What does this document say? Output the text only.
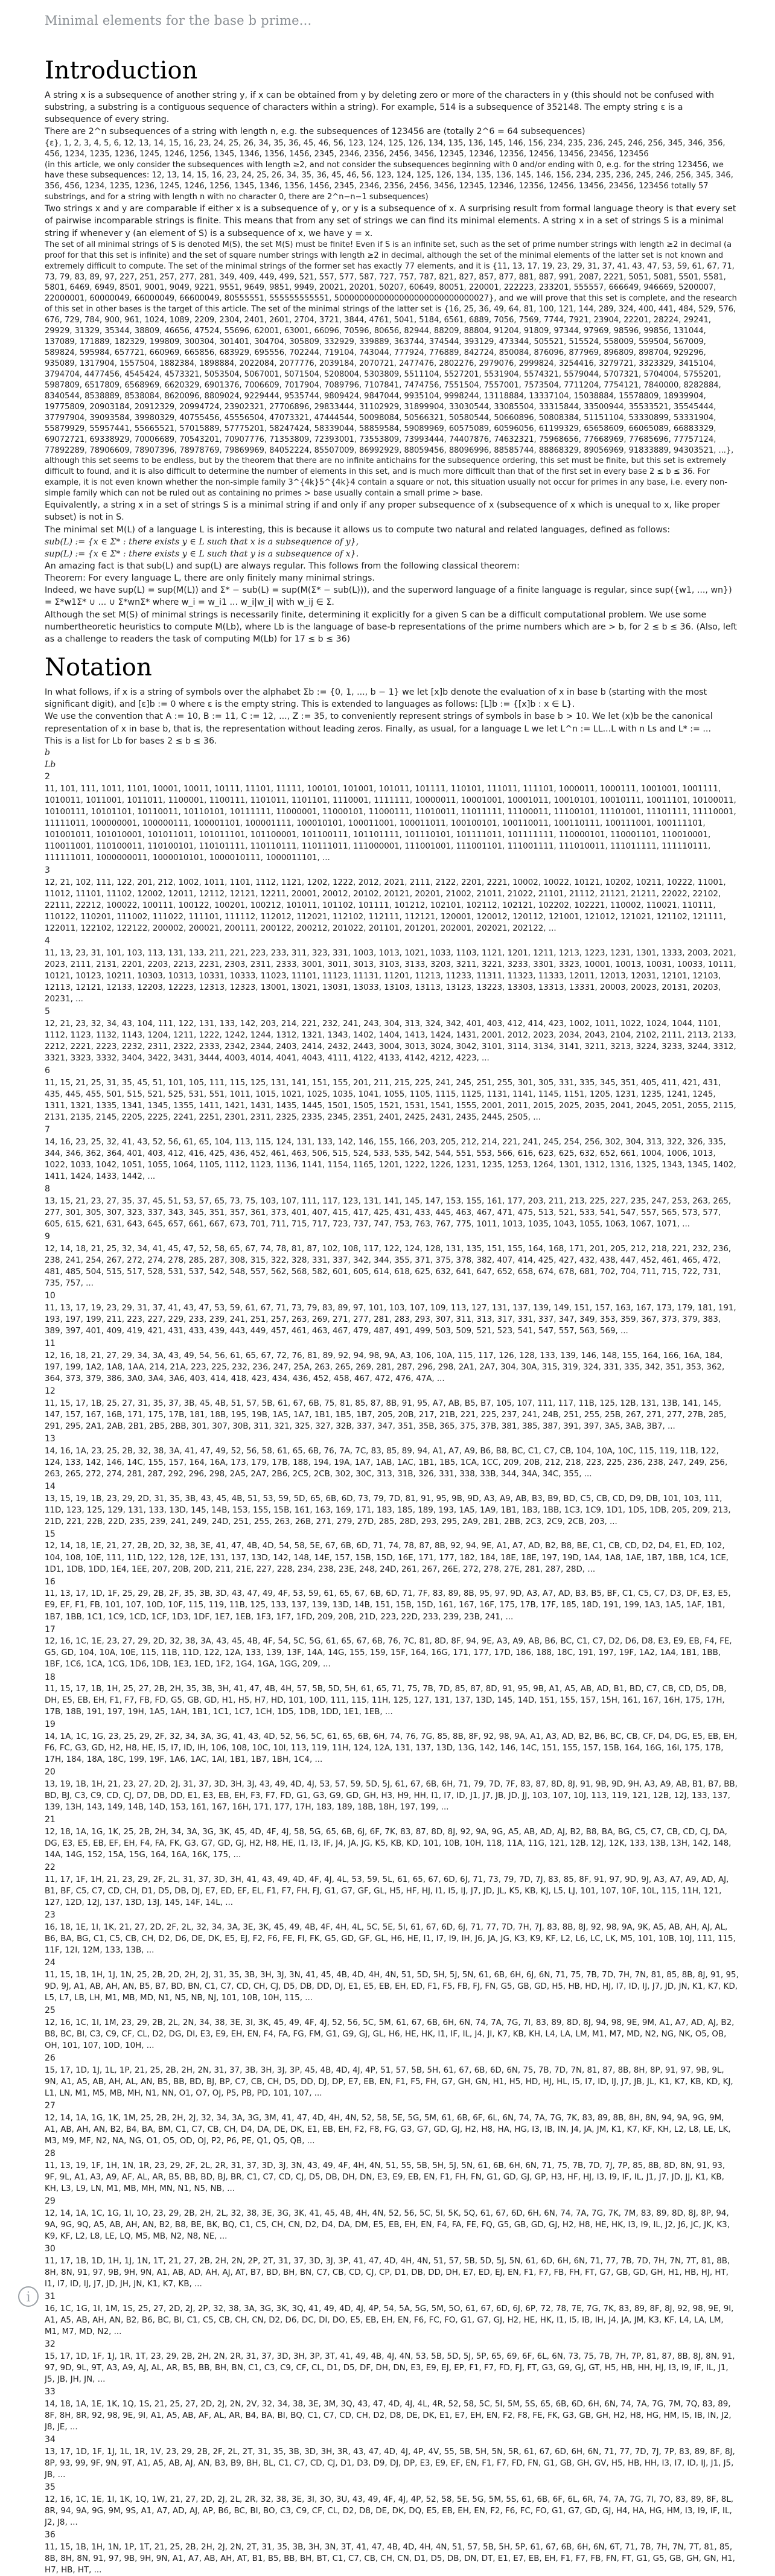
Minimal elements for the base b prime...
Introduction

A string x is a subsequence of another string y, if x can be obtained from y by deleting zero or more of the characters in y (this should not be confused with substring, a substring is a contiguous sequence of characters within a string). For example, 514 is a subsequence of 352148. The empty string ε is a subsequence of every string.

There are 2^n subsequences of a string with length n, e.g. the subsequences of 123456 are (totally 2^6 = 64 subsequences)

{ε}, 1, 2, 3, 4, 5, 6, 12, 13, 14, 15, 16, 23, 24, 25, 26, 34, 35, 36, 45, 46, 56, 123, 124, 125, 126, 134, 135, 136, 145, 146, 156, 234, 235, 236, 245, 246, 256, 345, 346, 356, 456, 1234, 1235, 1236, 1245, 1246, 1256, 1345, 1346, 1356, 1456, 2345, 2346, 2356, 2456, 3456, 12345, 12346, 12356, 12456, 13456, 23456, 123456

(in this article, we only consider the subsequences with length ≥2, and not consider the subsequences beginning with 0 and/or ending with 0, e.g. for the string 123456, we have these subsequences: 12, 13, 14, 15, 16, 23, 24, 25, 26, 34, 35, 36, 45, 46, 56, 123, 124, 125, 126, 134, 135, 136, 145, 146, 156, 234, 235, 236, 245, 246, 256, 345, 346, 356, 456, 1234, 1235, 1236, 1245, 1246, 1256, 1345, 1346, 1356, 1456, 2345, 2346, 2356, 2456, 3456, 12345, 12346, 12356, 12456, 13456, 23456, 123456 totally 57 substrings, and for a string with length n with no character 0, there are 2^n−n−1 subsequences)

Two strings x and y are comparable if either x is a subsequence of y, or y is a subsequence of x. A surprising result from formal language theory is that every set of pairwise incomparable strings is finite. This means that from any set of strings we can find its minimal elements. A string x in a set of strings S is a minimal string if whenever y (an element of S) is a subsequence of x, we have y = x.

The set of all minimal strings of S is denoted M(S), the set M(S) must be finite! Even if S is an infinite set, such as the set of prime number strings with length ≥2 in decimal (a proof for that this set is infinite) and the set of square number strings with length ≥2 in decimal, although the set of the minimal elements of the latter set is not known and extremely difficult to compute. The set of the minimal strings of the former set has exactly 77 elements, and it is {11, 13, 17, 19, 23, 29, 31, 37, 41, 43, 47, 53, 59, 61, 67, 71, 73, 79, 83, 89, 97, 227, 251, 257, 277, 281, 349, 409, 449, 499, 521, 557, 577, 587, 727, 757, 787, 821, 827, 857, 877, 881, 887, 991, 2087, 2221, 5051, 5081, 5501, 5581, 5801, 6469, 6949, 8501, 9001, 9049, 9221, 9551, 9649, 9851, 9949, 20021, 20201, 50207, 60649, 80051, 220001, 222223, 233201, 555557, 666649, 946669, 5200007, 22000001, 60000049, 66000049, 66600049, 80555551, 555555555551, 5000000000000000000000000000027}, and we will prove that this set is complete, and the research of this set in other bases is the target of this article. The set of the minimal strings of the latter set is {16, 25, 36, 49, 64, 81, 100, 121, 144, 289, 324, 400, 441, 484, 529, 576, 676, 729, 784, 900, 961, 1024, 1089, 2209, 2304, 2401, 2601, 2704, 3721, 3844, 4761, 5041, 5184, 6561, 6889, 7056, 7569, 7744, 7921, 23904, 22201, 28224, 29241, 29929, 31329, 35344, 38809, 46656, 47524, 55696, 62001, 63001, 66096, 70596, 80656, 82944, 88209, 88804, 91204, 91809, 97344, 97969, 98596, 99856, 131044, 137089, 171889, 182329, 199809, 300304, 301401, 304704, 305809, 332929, 339889, 363744, 374544, 393129, 473344, 505521, 515524, 558009, 559504, 567009, 589824, 595984, 657721, 660969, 665856, 683929, 695556, 702244, 719104, 743044, 777924, 776889, 842724, 850084, 876096, 877969, 896809, 898704, 929296, 935089, 1317904, 1557504, 1882384, 1898884, 2022084, 2077776, 2039184, 2070721, 2477476, 2802276, 2979076, 2999824, 3254416, 3279721, 3323329, 3415104, 3794704, 4477456, 4545424, 4573321, 5053504, 5067001, 5071504, 5208004, 5303809, 5511104, 5527201, 5531904, 5574321, 5579044, 5707321, 5704004, 5755201, 5987809, 6517809, 6568969, 6620329, 6901376, 7006609, 7017904, 7089796, 7107841, 7474756, 7551504, 7557001, 7573504, 7711204, 7754121, 7840000, 8282884, 8340544, 8538889, 8538084, 8620096, 8809024, 9229444, 9535744, 9809424, 9847044, 9935104, 9998244, 13118884, 13337104, 15038884, 15578809, 18939904, 19775809, 20903184, 20912329, 20994724, 23902321, 27706896, 29833444, 31102929, 31899904, 33030544, 33085504, 33315844, 33500944, 35533521, 35545444, 37797904, 39093584, 39980329, 40755456, 45556504, 47073321, 47444544, 50098084, 50566321, 50580544, 50660896, 50808384, 51151104, 53330899, 53331904, 55879929, 55957441, 55665521, 57015889, 57775201, 58247424, 58339044, 58859584, 59089969, 60575089, 60596056, 61199329, 65658609, 66065089, 66883329, 69072721, 69338929, 70006689, 70543201, 70907776, 71353809, 72393001, 73553809, 73993444, 74407876, 74632321, 75968656, 77668969, 77685696, 77757124, 77892289, 78906609, 78907396, 78978769, 79869969, 84052224, 85507009, 86992929, 88059456, 88096996, 88585744, 88868329, 89056969, 91833889, 94303521, ...}, although this set seems to be endless, but by the theorem that there are no infinite antichains for the subsequence ordering, this set must be finite, but this set is extremely difficult to found, and it is also difficult to determine the number of elements in this set, and is much more difficult than that of the first set in every base 2 ≤ b ≤ 36. For example, it is not even known whether the non-simple family 3^{4k}5^{4k}4 contain a square or not, this situation usually not occur for primes in any base, i.e. every non-simple family which can not be ruled out as containing no primes > base usually contain a small prime > base.

Equivalently, a string x in a set of strings S is a minimal string if and only if any proper subsequence of x (subsequence of x which is unequal to x, like proper subset) is not in S.

The minimal set M(L) of a language L is interesting, this is because it allows us to compute two natural and related languages, defined as follows:

sub(L) := {x ∈ Σ* : there exists y ∈ L such that x is a subsequence of y},

sup(L) := {x ∈ Σ* : there exists y ∈ L such that y is a subsequence of x}.

An amazing fact is that sub(L) and sup(L) are always regular. This follows from the following classical theorem:

Theorem: For every language L, there are only finitely many minimal strings.

Indeed, we have sup(L) = sup(M(L)) and Σ* − sub(L) = sup(M(Σ* − sub(L))), and the superword language of a finite language is regular, since sup({w1, ..., wn}) = Σ*w1Σ* ∪ ... ∪ Σ*wnΣ* where w_i = w_i1 ... w_i|w_i| with w_ij ∈ Σ.

Although the set M(S) of minimal strings is necessarily finite, determining it explicitly for a given S can be a difficult computational problem. We use some numbertheoretic heuristics to compute M(Lb), where Lb is the language of base-b representations of the prime numbers which are > b, for 2 ≤ b ≤ 36. (Also, left as a challenge to readers the task of computing M(Lb) for 17 ≤ b ≤ 36)

Notation

In what follows, if x is a string of symbols over the alphabet Σb := {0, 1, ..., b − 1} we let [x]b denote the evaluation of x in base b (starting with the most significant digit), and [ε]b := 0 where ε is the empty string. This is extended to languages as follows: [L]b := {[x]b : x ∈ L}.

We use the convention that A := 10, B := 11, C := 12, ..., Z := 35, to conveniently represent strings of symbols in base b > 10. We let (x)b be the canonical representation of x in base b, that is, the representation without leading zeros. Finally, as usual, for a language L we let L^n := LL...L with n Ls and L* := ...

This is a list for Lb for bases 2 ≤ b ≤ 36.

b

Lb

2
11, 101, 111, 1011, 1101, 10001, 10011, 10111, 11101, 11111, 100101, 101001, 101011, 101111, 110101, 111011, 111101, 1000011, 1000111, 1001001, 1001111, 1010011, 1011001, 1011011, 1100001, 1100111, 1101011, 1101101, 1110001, 1111111, 10000011, 10001001, 10001011, 10010101, 10010111, 10011101, 10100011, 10100111, 10101101, 10110011, 10110101, 10111111, 11000001, 11000101, 11000111, 11010011, 11011111, 11100011, 11100101, 11101001, 11101111, 11110001, 11111011, 100000001, 100000111, 100001101, 100001111, 100010101, 100011001, 100011011, 100100101, 100110011, 100110111, 100111001, 100111101, 101001011, 101010001, 101011011, 101011101, 101100001, 101100111, 101101111, 101110101, 101111011, 101111111, 110000101, 110001101, 110010001, 110011001, 110100011, 110100101, 110101111, 110110111, 110111011, 111000001, 111001001, 111001101, 111001111, 111010011, 111011111, 111110111, 111111011, 1000000011, 1000010101, 1000010111, 1000011101, ...
3
12, 21, 102, 111, 122, 201, 212, 1002, 1011, 1101, 1112, 1121, 1202, 1222, 2012, 2021, 2111, 2122, 2201, 2221, 10002, 10022, 10121, 10202, 10211, 10222, 11001, 11012, 11101, 11102, 12002, 12011, 12112, 12121, 12211, 20001, 20012, 20102, 20121, 20201, 21002, 21011, 21022, 21101, 21112, 21121, 21211, 22022, 22102, 22111, 22212, 100022, 100111, 100122, 100201, 100212, 101011, 101102, 101111, 101212, 102101, 102112, 102121, 102202, 102221, 110002, 110021, 110111, 110122, 110201, 111002, 111022, 111101, 111112, 112012, 112021, 112102, 112111, 112121, 120001, 120012, 120112, 121001, 121012, 121021, 121102, 121111, 122011, 122102, 122122, 200002, 200021, 200111, 200122, 200212, 201022, 201101, 201201, 202001, 202021, 202122, ...
4
11, 13, 23, 31, 101, 103, 113, 131, 133, 211, 221, 223, 233, 311, 323, 331, 1003, 1013, 1021, 1033, 1103, 1121, 1201, 1211, 1213, 1223, 1231, 1301, 1333, 2003, 2021, 2023, 2111, 2131, 2201, 2203, 2213, 2231, 2303, 2311, 2333, 3001, 3011, 3013, 3103, 3133, 3203, 3211, 3221, 3233, 3301, 3323, 10001, 10013, 10031, 10033, 10111, 10121, 10123, 10211, 10303, 10313, 10331, 10333, 11023, 11101, 11123, 11131, 11201, 11213, 11233, 11311, 11323, 11333, 12011, 12013, 12031, 12101, 12103, 12113, 12121, 12133, 12203, 12223, 12313, 12323, 13001, 13021, 13031, 13033, 13103, 13113, 13123, 13223, 13303, 13313, 13331, 20003, 20023, 20131, 20203, 20231, ...
5
12, 21, 23, 32, 34, 43, 104, 111, 122, 131, 133, 142, 203, 214, 221, 232, 241, 243, 304, 313, 324, 342, 401, 403, 412, 414, 423, 1002, 1011, 1022, 1024, 1044, 1101, 1112, 1123, 1132, 1143, 1204, 1211, 1222, 1242, 1244, 1312, 1321, 1343, 1402, 1404, 1413, 1424, 1431, 2001, 2012, 2023, 2034, 2043, 2104, 2102, 2111, 2113, 2133, 2212, 2221, 2223, 2232, 2311, 2322, 2333, 2342, 2344, 2403, 2414, 2432, 2443, 3004, 3013, 3024, 3042, 3101, 3114, 3134, 3141, 3211, 3213, 3224, 3233, 3244, 3312, 3321, 3323, 3332, 3404, 3422, 3431, 3444, 4003, 4014, 4041, 4043, 4111, 4122, 4133, 4142, 4212, 4223, ...
6
11, 15, 21, 25, 31, 35, 45, 51, 101, 105, 111, 115, 125, 131, 141, 151, 155, 201, 211, 215, 225, 241, 245, 251, 255, 301, 305, 331, 335, 345, 351, 405, 411, 421, 431, 435, 445, 455, 501, 515, 521, 525, 531, 551, 1011, 1015, 1021, 1025, 1035, 1041, 1055, 1105, 1115, 1125, 1131, 1141, 1145, 1151, 1205, 1231, 1235, 1241, 1245, 1311, 1321, 1335, 1341, 1345, 1355, 1411, 1421, 1431, 1435, 1445, 1501, 1505, 1521, 1531, 1541, 1555, 2001, 2011, 2015, 2025, 2035, 2041, 2045, 2051, 2055, 2115, 2131, 2135, 2145, 2205, 2225, 2241, 2251, 2301, 2311, 2325, 2335, 2345, 2351, 2401, 2425, 2431, 2435, 2445, 2505, ...
7
14, 16, 23, 25, 32, 41, 43, 52, 56, 61, 65, 104, 113, 115, 124, 131, 133, 142, 146, 155, 166, 203, 205, 212, 214, 221, 241, 245, 254, 256, 302, 304, 313, 322, 326, 335, 344, 346, 362, 364, 401, 403, 412, 416, 425, 436, 452, 461, 463, 506, 515, 524, 533, 535, 542, 544, 551, 553, 566, 616, 623, 625, 632, 652, 661, 1004, 1006, 1013, 1022, 1033, 1042, 1051, 1055, 1064, 1105, 1112, 1123, 1136, 1141, 1154, 1165, 1201, 1222, 1226, 1231, 1235, 1253, 1264, 1301, 1312, 1316, 1325, 1343, 1345, 1402, 1411, 1424, 1433, 1442, ...
8
13, 15, 21, 23, 27, 35, 37, 45, 51, 53, 57, 65, 73, 75, 103, 107, 111, 117, 123, 131, 141, 145, 147, 153, 155, 161, 177, 203, 211, 213, 225, 227, 235, 247, 253, 263, 265, 277, 301, 305, 307, 323, 337, 343, 345, 351, 357, 361, 373, 401, 407, 415, 417, 425, 431, 433, 445, 463, 467, 471, 475, 513, 521, 533, 541, 547, 557, 565, 573, 577, 605, 615, 621, 631, 643, 645, 657, 661, 667, 673, 701, 711, 715, 717, 723, 737, 747, 753, 763, 767, 775, 1011, 1013, 1035, 1043, 1055, 1063, 1067, 1071, ...
9
12, 14, 18, 21, 25, 32, 34, 41, 45, 47, 52, 58, 65, 67, 74, 78, 81, 87, 102, 108, 117, 122, 124, 128, 131, 135, 151, 155, 164, 168, 171, 201, 205, 212, 218, 221, 232, 236, 238, 241, 254, 267, 272, 274, 278, 285, 287, 308, 315, 322, 328, 331, 337, 342, 344, 355, 371, 375, 378, 382, 407, 414, 425, 427, 432, 438, 447, 452, 461, 465, 472, 481, 485, 504, 515, 517, 528, 531, 537, 542, 548, 557, 562, 568, 582, 601, 605, 614, 618, 625, 632, 641, 647, 652, 658, 674, 678, 681, 702, 704, 711, 715, 722, 731, 735, 757, ...
10
11, 13, 17, 19, 23, 29, 31, 37, 41, 43, 47, 53, 59, 61, 67, 71, 73, 79, 83, 89, 97, 101, 103, 107, 109, 113, 127, 131, 137, 139, 149, 151, 157, 163, 167, 173, 179, 181, 191, 193, 197, 199, 211, 223, 227, 229, 233, 239, 241, 251, 257, 263, 269, 271, 277, 281, 283, 293, 307, 311, 313, 317, 331, 337, 347, 349, 353, 359, 367, 373, 379, 383, 389, 397, 401, 409, 419, 421, 431, 433, 439, 443, 449, 457, 461, 463, 467, 479, 487, 491, 499, 503, 509, 521, 523, 541, 547, 557, 563, 569, ...
11
12, 16, 18, 21, 27, 29, 34, 3A, 43, 49, 54, 56, 61, 65, 67, 72, 76, 81, 89, 92, 94, 98, 9A, A3, 106, 10A, 115, 117, 126, 128, 133, 139, 146, 148, 155, 164, 166, 16A, 184, 197, 199, 1A2, 1A8, 1AA, 214, 21A, 223, 225, 232, 236, 247, 25A, 263, 265, 269, 281, 287, 296, 298, 2A1, 2A7, 304, 30A, 315, 319, 324, 331, 335, 342, 351, 353, 362, 364, 373, 379, 386, 3A0, 3A4, 3A6, 403, 414, 418, 423, 434, 436, 452, 458, 467, 472, 476, 47A, ...
12
11, 15, 17, 1B, 25, 27, 31, 35, 37, 3B, 45, 4B, 51, 57, 5B, 61, 67, 6B, 75, 81, 85, 87, 8B, 91, 95, A7, AB, B5, B7, 105, 107, 111, 117, 11B, 125, 12B, 131, 13B, 141, 145, 147, 157, 167, 16B, 171, 175, 17B, 181, 18B, 195, 19B, 1A5, 1A7, 1B1, 1B5, 1B7, 205, 20B, 217, 21B, 221, 225, 237, 241, 24B, 251, 255, 25B, 267, 271, 277, 27B, 285, 291, 295, 2A1, 2AB, 2B1, 2B5, 2BB, 301, 307, 30B, 311, 321, 325, 327, 32B, 337, 347, 351, 35B, 365, 375, 37B, 381, 385, 387, 391, 397, 3A5, 3AB, 3B7, ...
13
14, 16, 1A, 23, 25, 2B, 32, 38, 3A, 41, 47, 49, 52, 56, 58, 61, 65, 6B, 76, 7A, 7C, 83, 85, 89, 94, A1, A7, A9, B6, B8, BC, C1, C7, CB, 104, 10A, 10C, 115, 119, 11B, 122, 124, 133, 142, 146, 14C, 155, 157, 164, 16A, 173, 179, 17B, 188, 194, 19A, 1A7, 1AB, 1AC, 1B1, 1B5, 1CA, 1CC, 209, 20B, 212, 218, 223, 225, 236, 238, 247, 249, 256, 263, 265, 272, 274, 281, 287, 292, 296, 298, 2A5, 2A7, 2B6, 2C5, 2CB, 302, 30C, 313, 31B, 326, 331, 338, 33B, 344, 34A, 34C, 355, ...
14
13, 15, 19, 1B, 23, 29, 2D, 31, 35, 3B, 43, 45, 4B, 51, 53, 59, 5D, 65, 6B, 6D, 73, 79, 7D, 81, 91, 95, 9B, 9D, A3, A9, AB, B3, B9, BD, C5, CB, CD, D9, DB, 101, 103, 111, 11D, 123, 125, 129, 131, 133, 13D, 145, 14B, 153, 155, 15B, 161, 163, 169, 171, 183, 185, 189, 193, 1A5, 1A9, 1B1, 1B3, 1BB, 1C3, 1C9, 1D1, 1D5, 1DB, 205, 209, 213, 21D, 221, 22B, 22D, 235, 239, 241, 249, 24D, 251, 255, 263, 26B, 271, 279, 27D, 285, 28D, 293, 295, 2A9, 2B1, 2BB, 2C3, 2C9, 2CB, 203, ...
15
12, 14, 18, 1E, 21, 27, 2B, 2D, 32, 38, 3E, 41, 47, 4B, 4D, 54, 58, 5E, 67, 6B, 6D, 71, 74, 78, 87, 8B, 92, 94, 9E, A1, A7, AD, B2, B8, BE, C1, CB, CD, D2, D4, E1, ED, 102, 104, 108, 10E, 111, 11D, 122, 128, 12E, 131, 137, 13D, 142, 148, 14E, 157, 15B, 15D, 16E, 171, 177, 182, 184, 18E, 18E, 197, 19D, 1A4, 1A8, 1AE, 1B7, 1BB, 1C4, 1CE, 1D1, 1DB, 1DD, 1E4, 1EE, 207, 20B, 20D, 211, 21E, 227, 228, 234, 238, 23E, 248, 24D, 261, 267, 26E, 272, 278, 27E, 281, 287, 28D, ...
16
11, 13, 17, 1D, 1F, 25, 29, 2B, 2F, 35, 3B, 3D, 43, 47, 49, 4F, 53, 59, 61, 65, 67, 6B, 6D, 71, 7F, 83, 89, 8B, 95, 97, 9D, A3, A7, AD, B3, B5, BF, C1, C5, C7, D3, DF, E3, E5, E9, EF, F1, FB, 101, 107, 10D, 10F, 115, 119, 11B, 125, 133, 137, 139, 13D, 14B, 151, 15B, 15D, 161, 167, 16F, 175, 17B, 17F, 185, 18D, 191, 199, 1A3, 1A5, 1AF, 1B1, 1B7, 1BB, 1C1, 1C9, 1CD, 1CF, 1D3, 1DF, 1E7, 1EB, 1F3, 1F7, 1FD, 209, 20B, 21D, 223, 22D, 233, 239, 23B, 241, ...
17
12, 16, 1C, 1E, 23, 27, 29, 2D, 32, 38, 3A, 43, 45, 4B, 4F, 54, 5C, 5G, 61, 65, 67, 6B, 76, 7C, 81, 8D, 8F, 94, 9E, A3, A9, AB, B6, BC, C1, C7, D2, D6, D8, E3, E9, EB, F4, FE, G5, GD, 104, 10A, 10E, 115, 11B, 11D, 122, 12A, 133, 139, 13F, 14A, 14G, 155, 159, 15F, 164, 16G, 171, 177, 17D, 186, 188, 18C, 191, 197, 19F, 1A2, 1A4, 1B1, 1BB, 1BF, 1C6, 1CA, 1CG, 1D6, 1DB, 1E3, 1ED, 1F2, 1G4, 1GA, 1GG, 209, ...
18
11, 15, 17, 1B, 1H, 25, 27, 2B, 2H, 35, 3B, 3H, 41, 47, 4B, 4H, 57, 5B, 5D, 5H, 61, 65, 71, 75, 7B, 7D, 85, 87, 8D, 91, 95, 9B, A1, A5, AB, AD, B1, BD, C7, CB, CD, D5, DB, DH, E5, EB, EH, F1, F7, FB, FD, G5, GB, GD, H1, H5, H7, HD, 101, 10D, 111, 115, 11H, 125, 127, 131, 137, 13D, 145, 14D, 151, 155, 157, 15H, 161, 167, 16H, 175, 17H, 17B, 18B, 191, 197, 19H, 1A5, 1AH, 1B1, 1C1, 1C7, 1CH, 1D5, 1DB, 1DD, 1E1, 1EB, ...
19
14, 1A, 1C, 1G, 23, 25, 29, 2F, 32, 34, 3A, 3G, 41, 43, 4D, 52, 56, 5C, 61, 65, 6B, 6H, 74, 76, 7G, 85, 8B, 8F, 92, 98, 9A, A1, A3, AD, B2, B6, BC, CB, CF, D4, DG, E5, EB, EH, F6, FC, G3, GD, H2, H8, HE, I5, I7, ID, IH, 106, 108, 10C, 10I, 113, 119, 11H, 124, 12A, 131, 137, 13D, 13G, 142, 146, 14C, 151, 155, 157, 15B, 164, 16G, 16I, 175, 17B, 17H, 184, 18A, 18C, 199, 19F, 1A6, 1AC, 1AI, 1B1, 1B7, 1BH, 1C4, ...
20
13, 19, 1B, 1H, 21, 23, 27, 2D, 2J, 31, 37, 3D, 3H, 3J, 43, 49, 4D, 4J, 53, 57, 59, 5D, 5J, 61, 67, 6B, 6H, 71, 79, 7D, 7F, 83, 87, 8D, 8J, 91, 9B, 9D, 9H, A3, A9, AB, B1, B7, BB, BD, BJ, C3, C9, CD, CJ, D7, DB, DD, E1, E3, EB, EH, F3, F7, FD, G1, G3, G9, GD, GH, H3, H9, HH, I1, I7, ID, J1, J7, JB, JD, JJ, 103, 107, 10J, 113, 119, 121, 12B, 12J, 133, 137, 139, 13H, 143, 149, 14B, 14D, 153, 161, 167, 16H, 171, 177, 17H, 183, 189, 18B, 18H, 197, 199, ...
21
12, 18, 1A, 1G, 1K, 25, 2B, 2H, 34, 3A, 3G, 3K, 45, 4D, 4F, 4J, 58, 5G, 65, 6B, 6J, 6F, 7K, 83, 87, 8D, 8J, 92, 9A, 9G, A5, AB, AD, AJ, B2, B8, BA, BG, C5, C7, CB, CD, CJ, DA, DG, E3, E5, EB, EF, EH, F4, FA, FK, G3, G7, GD, GJ, H2, H8, HE, I1, I3, IF, J4, JA, JG, K5, KB, KD, 101, 10B, 10H, 118, 11A, 11G, 121, 12B, 12J, 12K, 133, 13B, 13H, 142, 148, 14A, 14G, 152, 15A, 15G, 164, 16A, 16K, 175, ...
22
11, 17, 1F, 1H, 21, 23, 29, 2F, 2L, 31, 37, 3D, 3H, 41, 43, 49, 4D, 4F, 4J, 4L, 53, 59, 5L, 61, 65, 67, 6D, 6J, 71, 73, 79, 7D, 7J, 83, 85, 8F, 91, 97, 9D, 9J, A3, A7, A9, AD, AJ, B1, BF, C5, C7, CD, CH, D1, D5, DB, DJ, E7, ED, EF, EL, F1, F7, FH, FJ, G1, G7, GF, GL, H5, HF, HJ, I1, I5, IJ, J7, JD, JL, K5, KB, KJ, L5, LJ, 101, 107, 10F, 10L, 115, 11H, 121, 127, 12D, 12J, 137, 13D, 13J, 145, 14F, 14L, ...
23
16, 18, 1E, 1I, 1K, 21, 27, 2D, 2F, 2L, 32, 34, 3A, 3E, 3K, 45, 49, 4B, 4F, 4H, 4L, 5C, 5E, 5I, 61, 67, 6D, 6J, 71, 77, 7D, 7H, 7J, 83, 8B, 8J, 92, 98, 9A, 9K, A5, AB, AH, AJ, AL, B6, BA, BG, C1, C5, CB, CH, D2, D6, DE, DK, E5, EJ, F2, F6, FE, FI, FK, G5, GD, GF, GL, H6, HE, I1, I7, I9, IH, J6, JA, JG, K3, K9, KF, L2, L6, LC, LK, M5, 101, 10B, 10J, 111, 115, 11F, 12I, 12M, 133, 13B, ...
24
11, 15, 1B, 1H, 1J, 1N, 25, 2B, 2D, 2H, 2J, 31, 35, 3B, 3H, 3J, 3N, 41, 45, 4B, 4D, 4H, 4N, 51, 5D, 5H, 5J, 5N, 61, 6B, 6H, 6J, 6N, 71, 75, 7B, 7D, 7H, 7N, 81, 85, 8B, 8J, 91, 95, 9D, 9J, A1, AB, AH, AN, B5, B7, BD, BN, C1, C7, CD, CH, CJ, D5, DB, DD, DJ, E1, E5, EB, EH, ED, F1, F5, FB, FJ, FN, G5, GB, GD, H5, HB, HD, HJ, I7, ID, IJ, J7, JD, JN, K1, K7, KD, L5, L7, LB, LH, M1, MB, MD, N1, N5, NB, NJ, 101, 10B, 10H, 115, ...
25
12, 16, 1C, 1I, 1M, 23, 29, 2B, 2L, 2N, 34, 38, 3E, 3I, 3K, 45, 49, 4F, 4J, 52, 56, 5C, 5M, 61, 67, 6B, 6H, 6N, 74, 7A, 7G, 7I, 83, 89, 8D, 8J, 94, 98, 9E, 9M, A1, A7, AD, AJ, B2, B8, BC, BI, C3, C9, CF, CL, D2, DG, DI, E3, E9, EH, EN, F4, FA, FG, FM, G1, G9, GJ, GL, H6, HE, HK, I1, IF, IL, J4, JI, K7, KB, KH, L4, LA, LM, M1, M7, MD, N2, NG, NK, O5, OB, OH, 101, 107, 10D, 10H, ...
26
15, 17, 1D, 1J, 1L, 1P, 21, 25, 2B, 2H, 2N, 31, 37, 3B, 3H, 3J, 3P, 45, 4B, 4D, 4J, 4P, 51, 57, 5B, 5H, 61, 67, 6B, 6D, 6N, 75, 7B, 7D, 7N, 81, 87, 8B, 8H, 8P, 91, 97, 9B, 9L, 9N, A1, A5, AB, AH, AL, AN, B5, BB, BD, BJ, BP, C7, CB, CH, D5, DD, DJ, DP, E7, EB, EN, F1, F5, FH, G7, GH, GN, H1, H5, HD, HJ, HL, I5, I7, ID, IJ, J7, JB, JL, K1, K7, KB, KD, KJ, L1, LN, M1, M5, MB, MH, N1, NN, O1, O7, OJ, P5, PB, PD, 101, 107, ...
27
12, 14, 1A, 1G, 1K, 1M, 25, 2B, 2H, 2J, 32, 34, 3A, 3G, 3M, 41, 47, 4D, 4H, 4N, 52, 58, 5E, 5G, 5M, 61, 6B, 6F, 6L, 6N, 74, 7A, 7G, 7K, 83, 89, 8B, 8H, 8N, 94, 9A, 9G, 9M, A1, AB, AH, AN, B2, B4, BA, BM, C1, C7, CB, CH, D4, DA, DE, DK, E1, EB, EH, F2, F8, FG, G3, G7, GD, GJ, H2, H8, HA, HG, I3, IB, IN, J4, JA, JM, K1, K7, KF, KH, L2, L8, LE, LK, M3, M9, MF, N2, NA, NG, O1, O5, OD, OJ, P2, P6, PE, Q1, Q5, QB, ...
28
11, 13, 19, 1F, 1H, 1N, 1R, 23, 29, 2F, 2L, 2R, 31, 37, 3D, 3J, 3N, 43, 49, 4F, 4H, 4N, 51, 55, 5B, 5H, 5J, 5N, 61, 6B, 6H, 6N, 71, 75, 7B, 7D, 7J, 7P, 85, 8B, 8D, 8N, 91, 93, 9F, 9L, A1, A3, A9, AF, AL, AR, B5, BB, BD, BJ, BR, C1, C7, CD, CJ, D5, DB, DH, DN, E3, E9, EB, EN, F1, FH, FN, G1, GD, GJ, GP, H3, HF, HJ, I3, I9, IF, IL, J1, J7, JD, JJ, K1, KB, KH, L3, L9, LN, M1, MB, MH, MN, N1, N5, NB, ...
29
12, 14, 1A, 1C, 1G, 1I, 1O, 23, 29, 2B, 2H, 2L, 32, 38, 3E, 3G, 3K, 41, 45, 4B, 4H, 4N, 52, 56, 5C, 5I, 5K, 5Q, 61, 67, 6D, 6H, 6N, 74, 7A, 7G, 7K, 7M, 83, 89, 8D, 8J, 8P, 94, 9A, 9G, 9Q, A5, AB, AH, AN, B2, B8, BE, BK, BQ, C1, C5, CH, CN, D2, D4, DA, DM, E5, EB, EH, EN, F4, FA, FE, FQ, G5, GB, GD, GJ, H2, H8, HE, HK, I3, I9, IL, J2, J6, JC, JK, K3, K9, KF, L2, L8, LE, LQ, M5, MB, N2, N8, NE, ...
30
11, 17, 1B, 1D, 1H, 1J, 1N, 1T, 21, 27, 2B, 2H, 2N, 2P, 2T, 31, 37, 3D, 3J, 3P, 41, 47, 4D, 4H, 4N, 51, 57, 5B, 5D, 5J, 5N, 61, 6D, 6H, 6N, 71, 77, 7B, 7D, 7H, 7N, 7T, 81, 8B, 8H, 8N, 91, 97, 9B, 9H, 9N, A1, AB, AD, AH, AJ, AT, B7, BD, BH, BN, C7, CB, CD, CJ, CP, D1, DB, DD, DH, E7, ED, EJ, EN, F1, F7, FB, FH, FT, G7, GB, GD, GH, H1, HB, HJ, HT, I1, I7, ID, IJ, J7, JD, JH, JN, K1, K7, KB, ...
31
16, 1C, 1G, 1I, 1M, 1S, 25, 27, 2D, 2J, 2P, 32, 38, 3A, 3G, 3K, 3Q, 41, 49, 4D, 4J, 4P, 54, 5A, 5G, 5M, 5O, 61, 67, 6D, 6J, 6P, 72, 78, 7E, 7G, 7K, 83, 89, 8F, 8J, 92, 98, 9E, 9I, A1, A5, AB, AH, AN, B2, B6, BC, BI, C1, C5, CB, CH, CN, D2, D6, DC, DI, DO, E5, EB, EH, EN, F6, FC, FO, G1, G7, GJ, H2, HE, HK, I1, I5, IB, IH, J4, JA, JM, K3, KF, L4, LA, LM, M1, M7, MD, N2, ...
32
15, 17, 1D, 1F, 1J, 1R, 1T, 23, 29, 2B, 2H, 2N, 2R, 31, 37, 3D, 3H, 3P, 3T, 41, 49, 4B, 4J, 4N, 53, 5B, 5D, 5J, 5P, 65, 69, 6F, 6L, 6N, 73, 75, 7B, 7H, 7P, 81, 87, 8B, 8J, 8N, 91, 97, 9D, 9L, 9T, A3, A9, AJ, AL, AR, B5, BB, BH, BN, C1, C3, C9, CF, CL, D1, D5, DF, DH, DN, E3, E9, EJ, EP, F1, F7, FD, FJ, FT, G3, G9, GJ, GT, H5, HB, HH, HJ, I3, I9, IF, IL, J1, J5, JB, JH, JN, ...
33
14, 18, 1A, 1E, 1K, 1Q, 1S, 21, 25, 27, 2D, 2J, 2N, 2V, 32, 34, 38, 3E, 3M, 3Q, 43, 47, 4D, 4J, 4L, 4R, 52, 58, 5C, 5I, 5M, 5S, 65, 6B, 6D, 6H, 6N, 74, 7A, 7G, 7M, 7Q, 83, 89, 8F, 8H, 8R, 92, 98, 9E, 9I, A1, A5, AB, AF, AL, AR, B4, BA, BI, BQ, C1, C7, CD, CH, D2, D8, DE, DK, E1, E7, EH, EN, F2, F8, FE, FK, G3, GB, GH, H2, H8, HG, HM, I5, IB, IN, J2, J8, JE, ...
34
13, 17, 1D, 1F, 1J, 1L, 1R, 1V, 23, 29, 2B, 2F, 2L, 2T, 31, 35, 3B, 3D, 3H, 3R, 43, 47, 4D, 4J, 4P, 4V, 55, 5B, 5H, 5N, 5R, 61, 67, 6D, 6H, 6N, 71, 77, 7D, 7J, 7P, 83, 89, 8F, 8J, 8P, 93, 99, 9F, 9N, 9T, A1, A5, AB, AJ, AN, B3, B9, BH, BL, C1, C7, CD, CJ, D1, D3, D9, DJ, DP, E3, E9, EF, EN, F1, F7, FD, FN, G1, GB, GH, GV, H5, HB, HH, I3, I7, ID, IJ, J1, J5, JB, ...
35
12, 16, 1C, 1E, 1I, 1K, 1Q, 1W, 21, 27, 2D, 2J, 2L, 2R, 32, 38, 3E, 3I, 3O, 3U, 43, 49, 4F, 4J, 4P, 52, 58, 5E, 5G, 5M, 5S, 61, 6B, 6F, 6L, 6R, 74, 7A, 7G, 7I, 7O, 83, 89, 8F, 8L, 8R, 94, 9A, 9G, 9M, 9S, A1, A7, AD, AJ, AP, B6, BC, BI, BO, C3, C9, CF, CL, D2, D8, DE, DK, DQ, E5, EB, EH, EN, F2, F6, FC, FO, G1, G7, GD, GJ, H4, HA, HG, HM, I3, I9, IF, IL, J2, J8, ...
36
11, 15, 1B, 1H, 1N, 1P, 1T, 21, 25, 2B, 2H, 2J, 2N, 2T, 31, 35, 3B, 3H, 3N, 3T, 41, 47, 4B, 4D, 4H, 4N, 51, 57, 5B, 5H, 5P, 61, 67, 6B, 6H, 6N, 6T, 71, 7B, 7H, 7N, 7T, 81, 85, 8B, 8H, 8N, 91, 97, 9B, 9H, 9N, A1, A7, AB, AH, AT, B1, B5, BB, BH, BT, C1, C7, CB, CH, CN, D1, D5, DB, DN, DT, E1, E7, EB, EH, F1, F7, FB, FN, FT, G1, G5, GB, GH, GN, H1, H7, HB, HT, ...
i
